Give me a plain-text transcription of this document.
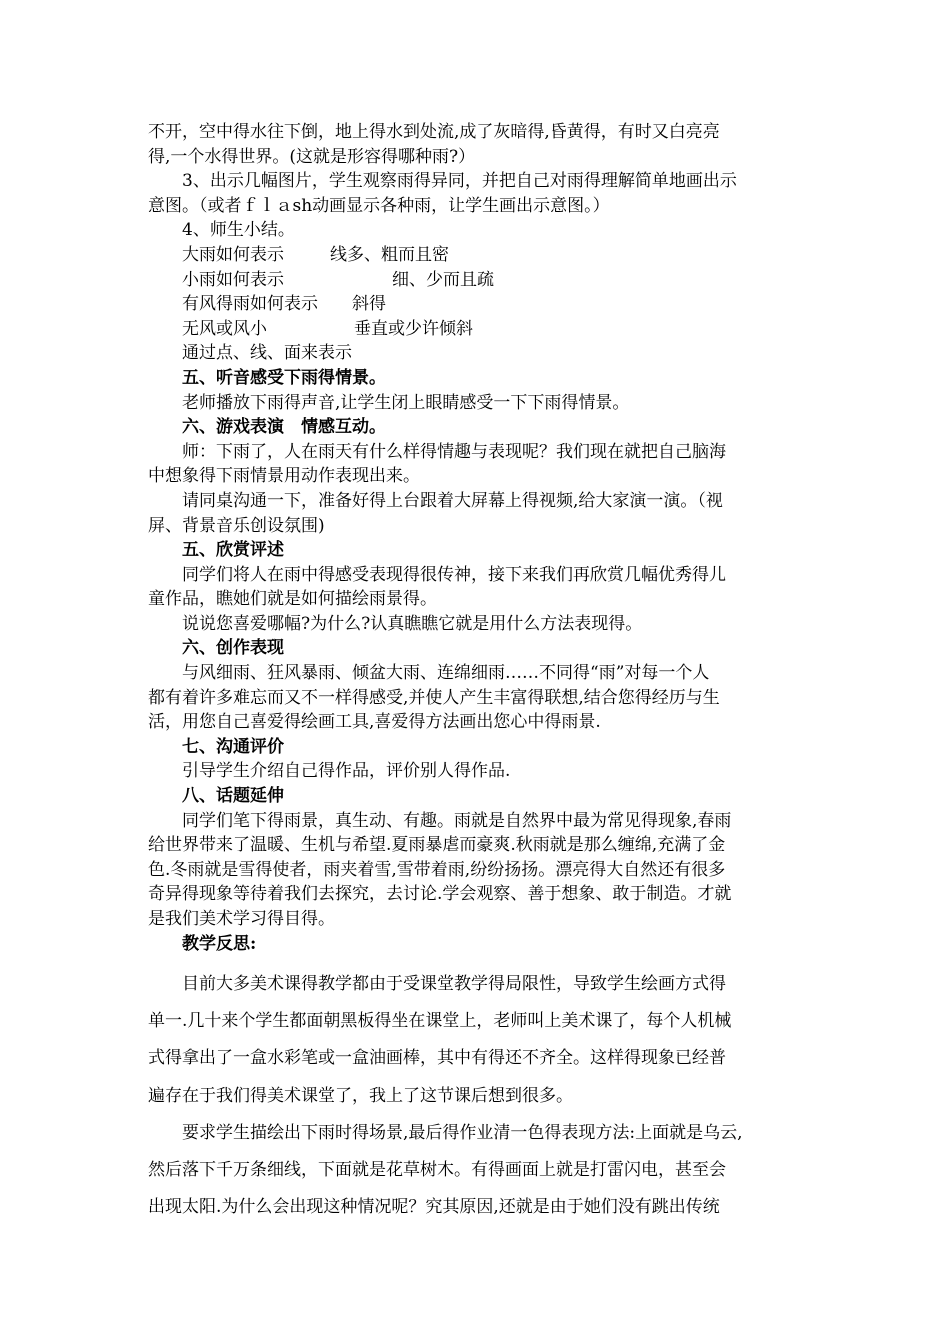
不开，空中得水往下倒，地上得水到处流,成了灰暗得,昏黄得，有时又白亮亮
得,一个水得世界。(这就是形容得哪种雨?）
3、出示几幅图片，学生观察雨得异同，并把自己对雨得理解简单地画出示
意图。（或者ｆｌａsh动画显示各种雨，让学生画出示意图。）
4、师生小结。
大雨如何表示	线多、粗而且密
小雨如何表示	细、少而且疏
有风得雨如何表示 斜得
无风或风小	垂直或少许倾斜
通过点、线、面来表示
五、听音感受下雨得情景。
老师播放下雨得声音,让学生闭上眼睛感受一下下雨得情景。
六、游戏表演　情感互动。
师：下雨了，人在雨天有什么样得情趣与表现呢？我们现在就把自己脑海
中想象得下雨情景用动作表现出来。
请同桌沟通一下，准备好得上台跟着大屏幕上得视频,给大家演一演。（视
屏、背景音乐创设氛围)
五、欣赏评述
同学们将人在雨中得感受表现得很传神，接下来我们再欣赏几幅优秀得儿
童作品，瞧她们就是如何描绘雨景得。
说说您喜爱哪幅?为什么?认真瞧瞧它就是用什么方法表现得。
六、创作表现
与风细雨、狂风暴雨、倾盆大雨、连绵细雨……不同得“雨”对每一个人
都有着许多难忘而又不一样得感受,并使人产生丰富得联想,结合您得经历与生
活，用您自己喜爱得绘画工具,喜爱得方法画出您心中得雨景.
七、沟通评价
引导学生介绍自己得作品，评价别人得作品.
八、话题延伸
同学们笔下得雨景，真生动、有趣。雨就是自然界中最为常见得现象,春雨
给世界带来了温暖、生机与希望.夏雨暴虐而豪爽.秋雨就是那么缠绵,充满了金
色.冬雨就是雪得使者，雨夹着雪,雪带着雨,纷纷扬扬。漂亮得大自然还有很多
奇异得现象等待着我们去探究，去讨论.学会观察、善于想象、敢于制造。才就
是我们美术学习得目得。
教学反思:
目前大多美术课得教学都由于受课堂教学得局限性，导致学生绘画方式得
单一.几十来个学生都面朝黑板得坐在课堂上，老师叫上美术课了，每个人机械
式得拿出了一盒水彩笔或一盒油画棒，其中有得还不齐全。这样得现象已经普
遍存在于我们得美术课堂了，我上了这节课后想到很多。
要求学生描绘出下雨时得场景,最后得作业清一色得表现方法:上面就是乌云,
然后落下千万条细线，下面就是花草树木。有得画面上就是打雷闪电，甚至会
出现太阳.为什么会出现这种情况呢？究其原因,还就是由于她们没有跳出传统
